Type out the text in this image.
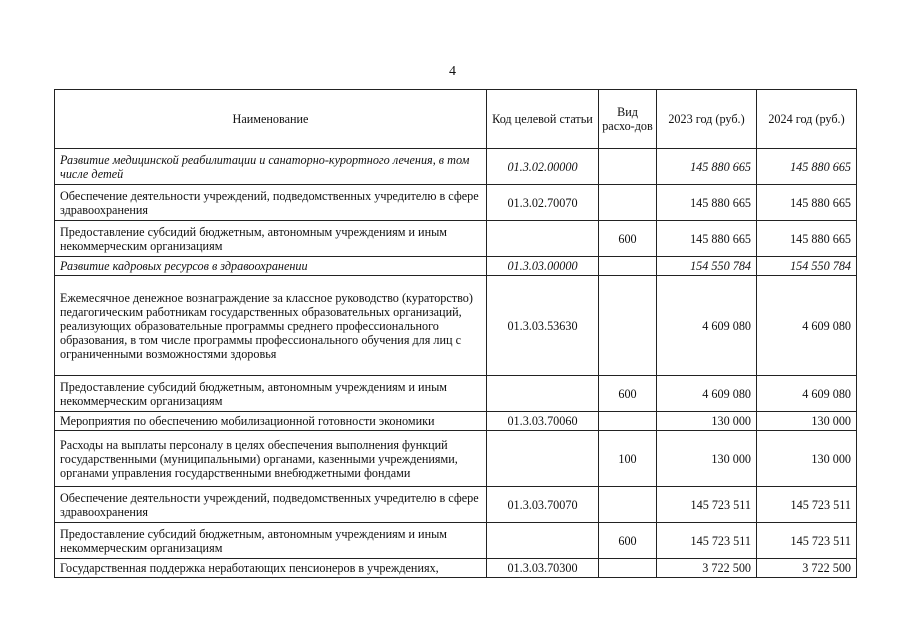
4
Наименование	Код целевой статьи	Вид расхо-дов	2023 год (руб.)	2024 год (руб.)
Развитие медицинской реабилитации и санаторно-курортного лечения, в том числе детей	01.3.02.00000		145 880 665	145 880 665
Обеспечение деятельности учреждений, подведомственных учредителю в сфере здравоохранения	01.3.02.70070		145 880 665	145 880 665
Предоставление субсидий бюджетным, автономным учреждениям и иным некоммерческим организациям		600	145 880 665	145 880 665
Развитие кадровых ресурсов в здравоохранении	01.3.03.00000		154 550 784	154 550 784
Ежемесячное денежное вознаграждение за классное руководство (кураторство) педагогическим работникам государственных образовательных организаций, реализующих образовательные программы среднего профессионального образования, в том числе программы профессионального обучения для лиц с ограниченными возможностями здоровья	01.3.03.53630		4 609 080	4 609 080
Предоставление субсидий бюджетным, автономным учреждениям и иным некоммерческим организациям		600	4 609 080	4 609 080
Мероприятия по обеспечению мобилизационной готовности экономики	01.3.03.70060		130 000	130 000
Расходы на выплаты персоналу в целях обеспечения выполнения функций государственными (муниципальными) органами, казенными учреждениями, органами управления государственными внебюджетными фондами		100	130 000	130 000
Обеспечение деятельности учреждений, подведомственных учредителю в сфере здравоохранения	01.3.03.70070		145 723 511	145 723 511
Предоставление субсидий бюджетным, автономным учреждениям и иным некоммерческим организациям		600	145 723 511	145 723 511
Государственная поддержка неработающих пенсионеров в учреждениях,	01.3.03.70300		3 722 500	3 722 500
